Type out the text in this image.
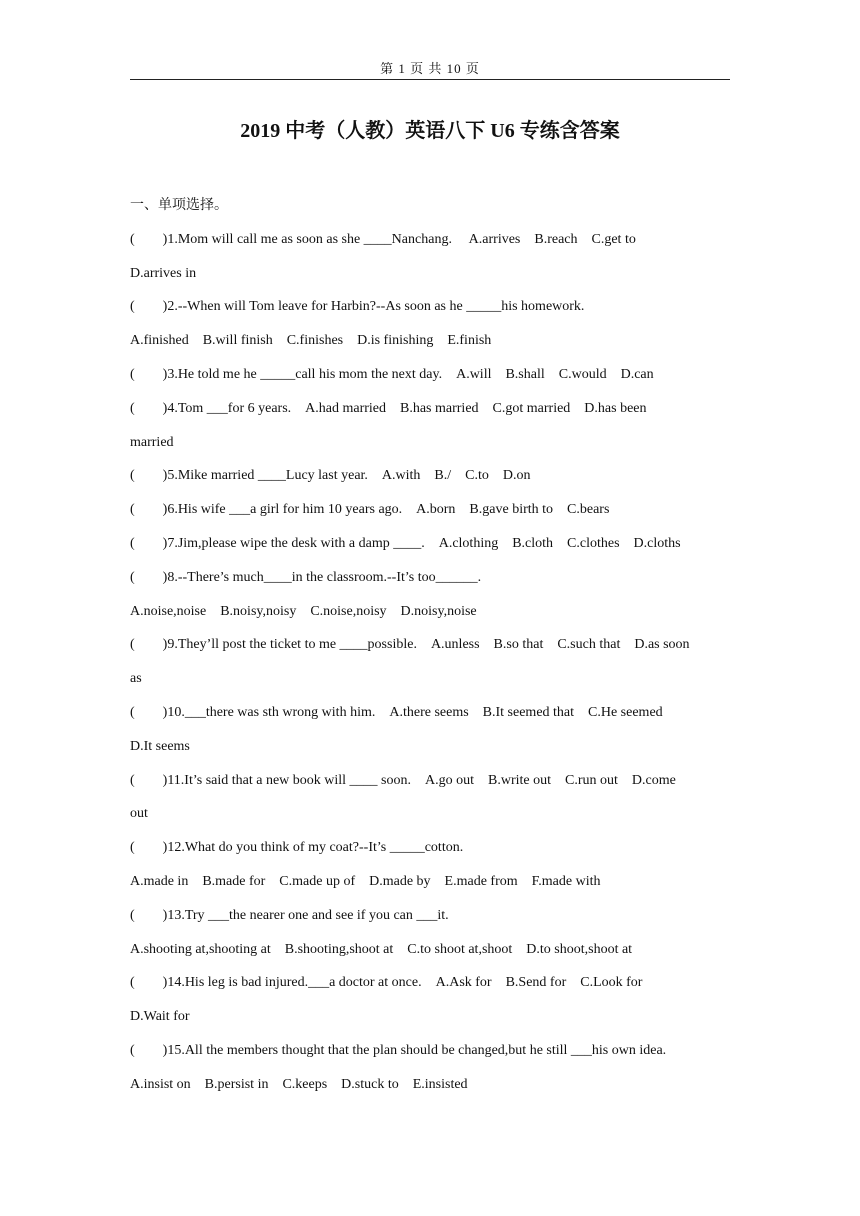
第 1 页 共 10 页
2019 中考（人教）英语八下 U6 专练含答案
一、单项选择。
(　　)1.Mom will call me as soon as she ____Nanchang.　 A.arrives　B.reach　C.get to
D.arrives in
(　　)2.--When will Tom leave for Harbin?--As soon as he _____his homework.
A.finished　B.will finish　C.finishes　D.is finishing　E.finish
(　　)3.He told me he _____call his mom the next day.　A.will　B.shall　C.would　D.can
(　　)4.Tom ___for 6 years.　A.had married　B.has married　C.got married　D.has been
married
(　　)5.Mike married ____Lucy last year.　A.with　B./　C.to　D.on
(　　)6.His wife ___a girl for him 10 years ago.　A.born　B.gave birth to　C.bears
(　　)7.Jim,please wipe the desk with a damp ____.　A.clothing　B.cloth　C.clothes　D.cloths
(　　)8.--There’s much____in the classroom.--It’s too______.
A.noise,noise　B.noisy,noisy　C.noise,noisy　D.noisy,noise
(　　)9.They’ll post the ticket to me ____possible.　A.unless　B.so that　C.such that　D.as soon
as
(　　)10.___there was sth wrong with him.　A.there seems　B.It seemed that　C.He seemed
D.It seems
(　　)11.It’s said that a new book will ____ soon.　A.go out　B.write out　C.run out　D.come
out
(　　)12.What do you think of my coat?--It’s _____cotton.
A.made in　B.made for　C.made up of　D.made by　E.made from　F.made with
(　　)13.Try ___the nearer one and see if you can ___it.
A.shooting at,shooting at　B.shooting,shoot at　C.to shoot at,shoot　D.to shoot,shoot at
(　　)14.His leg is bad injured.___a doctor at once.　A.Ask for　B.Send for　C.Look for
D.Wait for
(　　)15.All the members thought that the plan should be changed,but he still ___his own idea.
A.insist on　B.persist in　C.keeps　D.stuck to　E.insisted
